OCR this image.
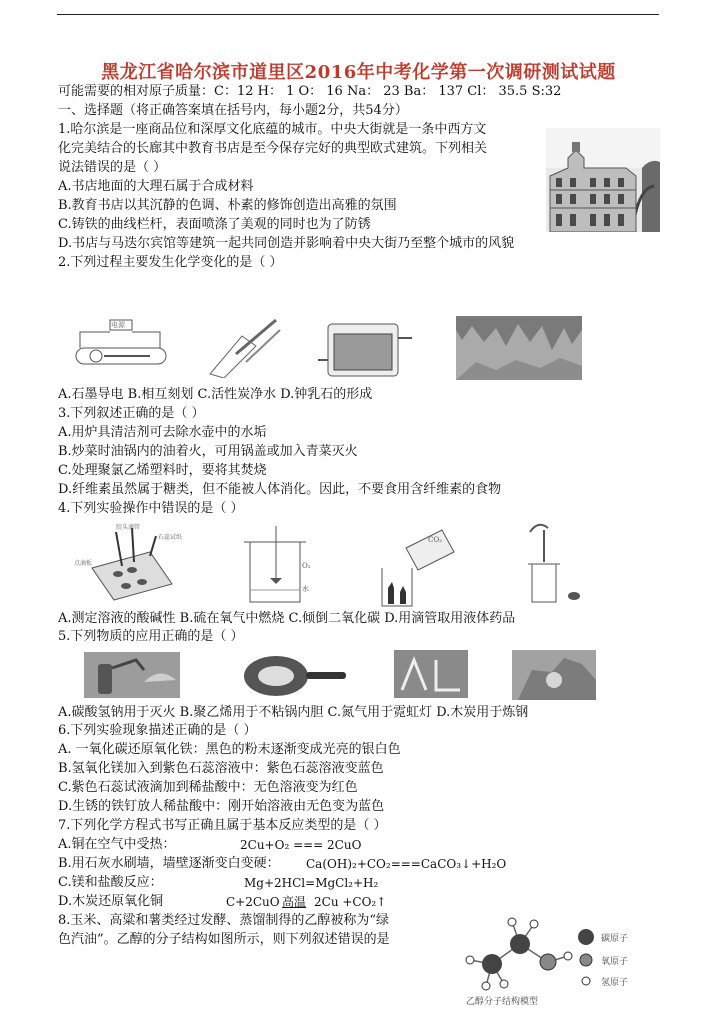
黑龙江省哈尔滨市道里区2016年中考化学第一次调研测试试题
可能需要的相对原子质量：C：12 H： 1 O： 16 Na： 23 Ba： 137 Cl： 35.5 S:32
一、选择题（将正确答案填在括号内，每小题2分，共54分）
1.哈尔滨是一座商品位和深厚文化底蕴的城市。中央大街就是一条中西方文
化完美结合的长廊其中教育书店是至今保存完好的典型欧式建筑。下列相关
说法错误的是（ ）
A.书店地面的大理石属于合成材料
B.教育书店以其沉静的色调、朴素的修饰创造出高雅的氛围
C.铸铁的曲线栏杆，表面喷涤了美观的同时也为了防锈
D.书店与马迭尔宾馆等建筑一起共同创造并影响着中央大街乃至整个城市的风貌
2.下列过程主要发生化学变化的是（ ）
电源
A.石墨导电 B.相互刻划 C.活性炭净水 D.钟乳石的形成
3.下列叙述正确的是（ ）
A.用炉具清洁剂可去除水壶中的水垢
B.炒菜时油锅内的油着火，可用锅盖或加入青菜灭火
C.处理聚氯乙烯塑料时，要将其焚烧
D.纤维素虽然属于糖类，但不能被人体消化。因此，不要食用含纤维素的食物
4.下列实验操作中错误的是（ ）
胶头滴管
石蕊试纸
点滴板	O₂
水
CO₂
A.测定溶液的酸碱性 B.硫在氧气中燃烧 C.倾倒二氧化碳 D.用滴管取用液体药品
5.下列物质的应用正确的是（ ）
A.碳酸氢钠用于灭火 B.聚乙烯用于不粘锅内胆 C.氮气用于霓虹灯 D.木炭用于炼钢
6.下列实验现象描述正确的是（ ）
A. 一氧化碳还原氧化铁：黑色的粉末逐渐变成光亮的银白色
B.氢氧化镁加入到紫色石蕊溶液中：紫色石蕊溶液变蓝色
C.紫色石蕊试液滴加到稀盐酸中：无色溶液变为红色
D.生锈的铁钉放人稀盐酸中：刚开始溶液由无色变为蓝色
7.下列化学方程式书写正确且属于基本反应类型的是（ ）
A.铜在空气中受热：	2Cu+O₂ === 2CuO
B.用石灰水刷墙，墙壁逐渐变白变硬： Ca(OH)₂+CO₂===CaCO₃↓+H₂O
C.镁和盐酸反应：	Mg+2HCl=MgCl₂+H₂
D.木炭还原氧化铜	C+2CuO 高温 2Cu +CO₂↑
8.玉米、高粱和薯类经过发酵、蒸馏制得的乙醇被称为“绿
色汽油”。乙醇的分子结构如图所示，则下列叙述错误的是	碳原子
氧原子
氢原子
乙醇分子结构模型
